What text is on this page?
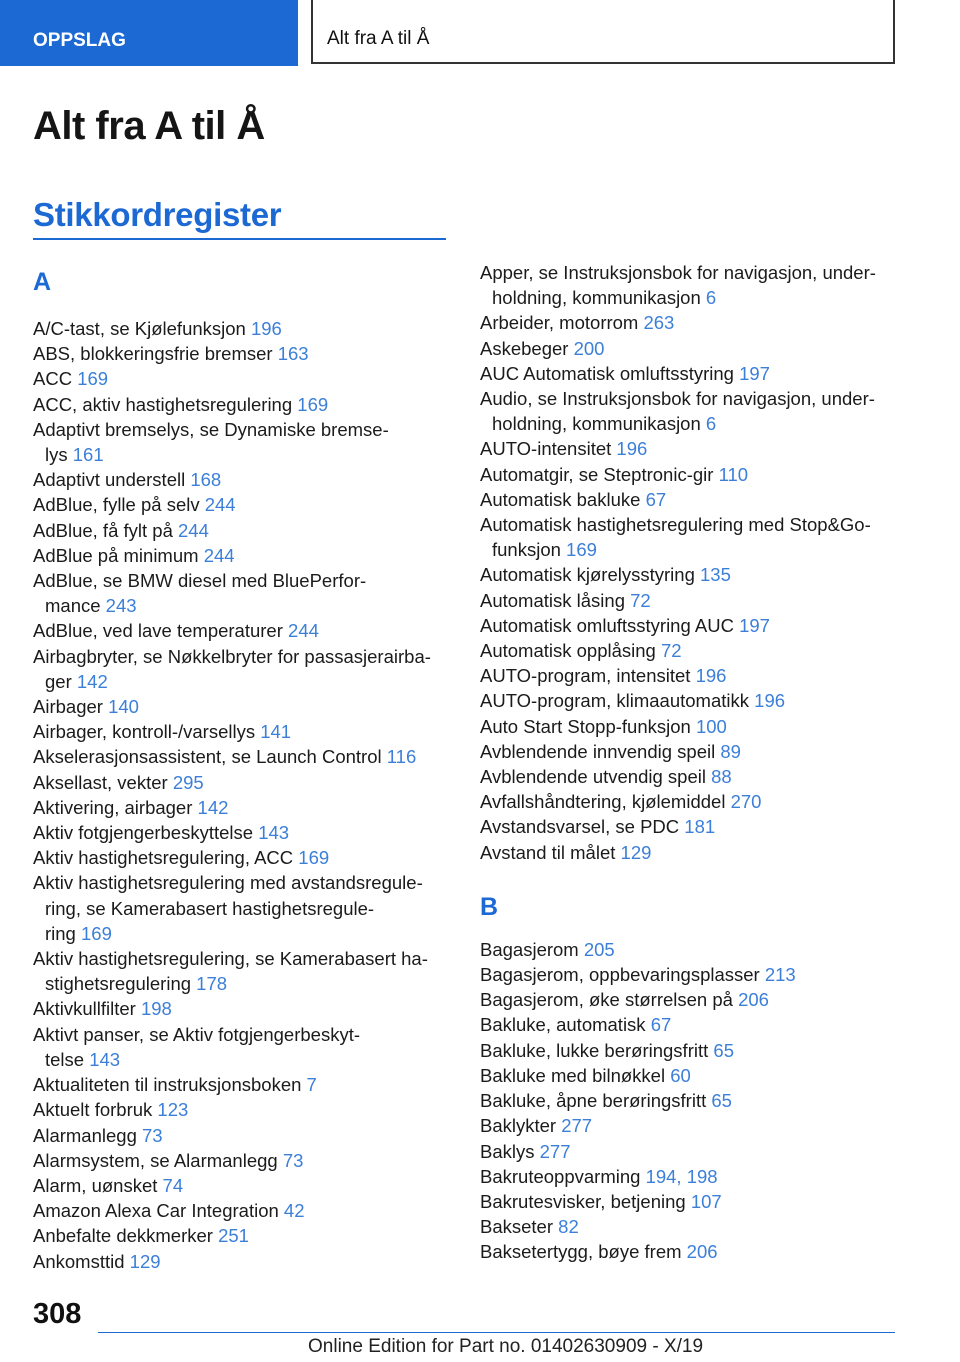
OPPSLAG	Alt fra A til Å
Alt fra A til Å
Stikkordregister
A
A/C-tast, se Kjølefunksjon 196
ABS, blokkeringsfrie bremser 163
ACC 169
ACC, aktiv hastighetsregulering 169
Adaptivt bremselys, se Dynamiske bremse-
lys 161
Adaptivt understell 168
AdBlue, fylle på selv 244
AdBlue, få fylt på 244
AdBlue på minimum 244
AdBlue, se BMW diesel med BluePerfor-
mance 243
AdBlue, ved lave temperaturer 244
Airbagbryter, se Nøkkelbryter for passasjerairba-
ger 142
Airbager 140
Airbager, kontroll-/varsellys 141
Akselerasjonsassistent, se Launch Control 116
Aksellast, vekter 295
Aktivering, airbager 142
Aktiv fotgjengerbeskyttelse 143
Aktiv hastighetsregulering, ACC 169
Aktiv hastighetsregulering med avstandsregule-
ring, se Kamerabasert hastighetsregule-
ring 169
Aktiv hastighetsregulering, se Kamerabasert ha-
stighetsregulering 178
Aktivkullfilter 198
Aktivt panser, se Aktiv fotgjengerbeskyt-
telse 143
Aktualiteten til instruksjonsboken 7
Aktuelt forbruk 123
Alarmanlegg 73
Alarmsystem, se Alarmanlegg 73
Alarm, uønsket 74
Amazon Alexa Car Integration 42
Anbefalte dekkmerker 251
Ankomsttid 129
Apper, se Instruksjonsbok for navigasjon, under-
holdning, kommunikasjon 6
Arbeider, motorrom 263
Askebeger 200
AUC Automatisk omluftsstyring 197
Audio, se Instruksjonsbok for navigasjon, under-
holdning, kommunikasjon 6
AUTO-intensitet 196
Automatgir, se Steptronic-gir 110
Automatisk bakluke 67
Automatisk hastighetsregulering med Stop&Go-
funksjon 169
Automatisk kjørelysstyring 135
Automatisk låsing 72
Automatisk omluftsstyring AUC 197
Automatisk opplåsing 72
AUTO-program, intensitet 196
AUTO-program, klimaautomatikk 196
Auto Start Stopp-funksjon 100
Avblendende innvendig speil 89
Avblendende utvendig speil 88
Avfallshåndtering, kjølemiddel 270
Avstandsvarsel, se PDC 181
Avstand til målet 129
B
Bagasjerom 205
Bagasjerom, oppbevaringsplasser 213
Bagasjerom, øke størrelsen på 206
Bakluke, automatisk 67
Bakluke, lukke berøringsfritt 65
Bakluke med bilnøkkel 60
Bakluke, åpne berøringsfritt 65
Baklykter 277
Baklys 277
Bakruteoppvarming 194, 198
Bakrutesvisker, betjening 107
Bakseter 82
Baksetertygg, bøye frem 206
308
Online Edition for Part no. 01402630909 - X/19
